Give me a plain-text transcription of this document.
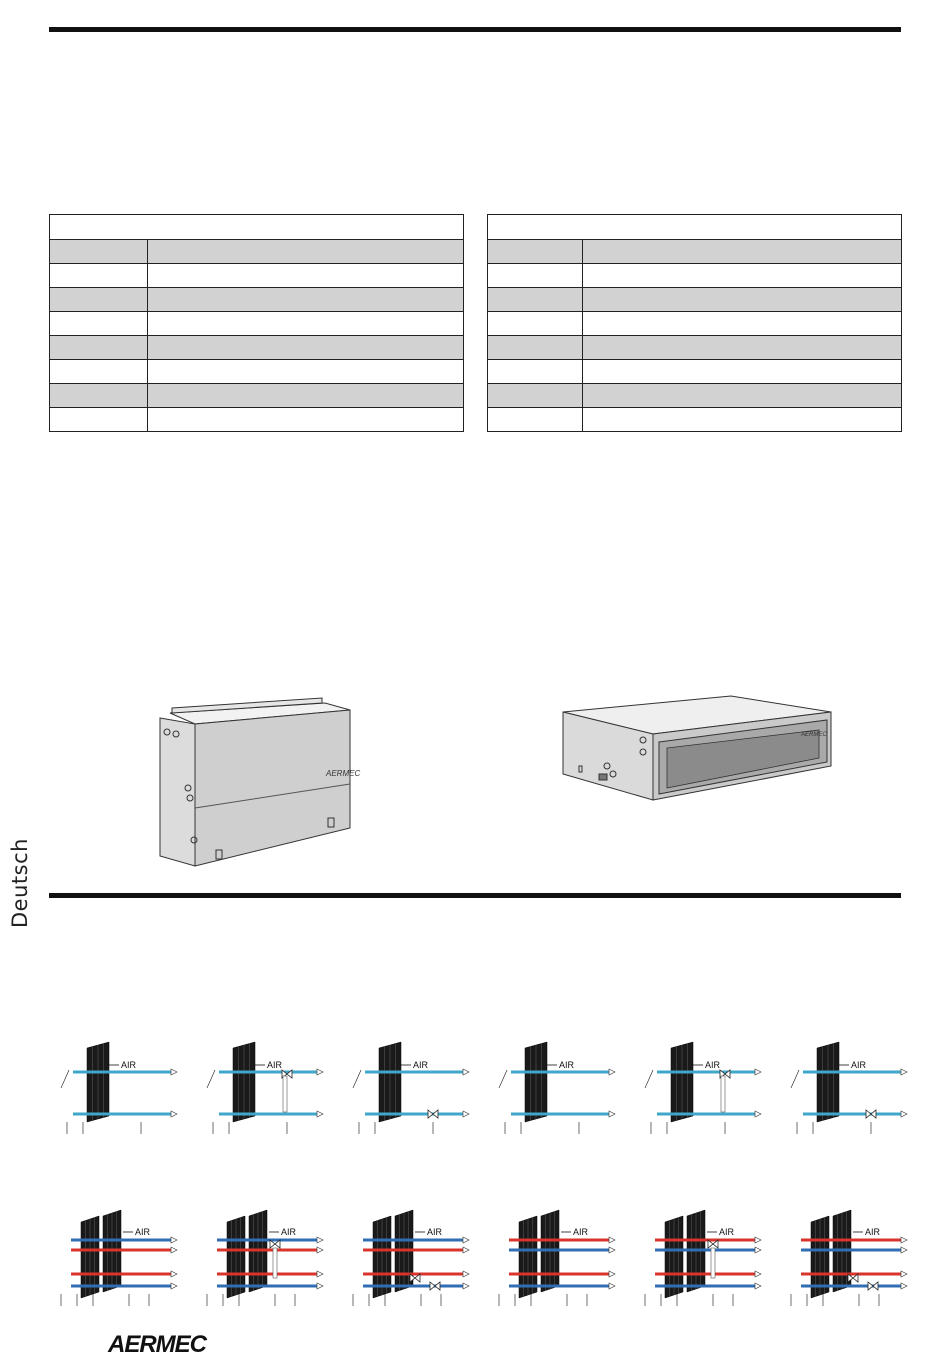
AERMEC
AERMEC
Deutsch
AIR	AIR	AIR	AIR	AIR	AIR
AIR	AIR	AIR	AIR	AIR	AIR
AERMEC
